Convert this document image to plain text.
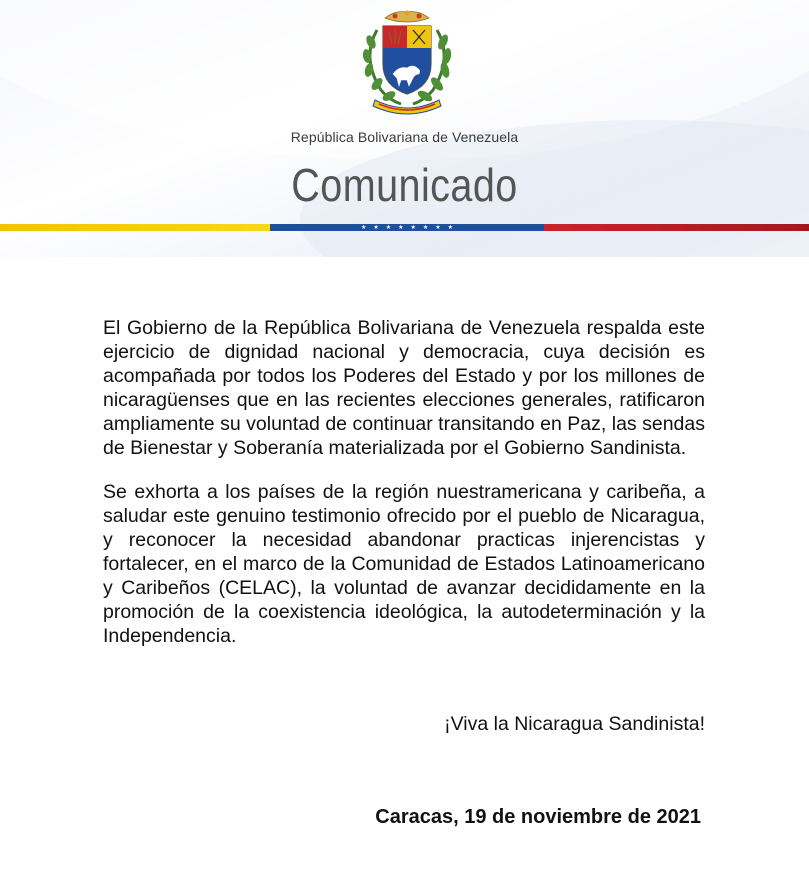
República Bolivariana de Venezuela
Comunicado
★ ★ ★ ★ ★ ★ ★ ★

El Gobierno de la República Bolivariana de Venezuela respalda este ejercicio de dignidad nacional y democracia, cuya decisión es acompañada por todos los Poderes del Estado y por los millones de nicaragüenses que en las recientes elecciones generales, ratificaron ampliamente su voluntad de continuar transitando en Paz, las sendas de Bienestar y Soberanía materializada por el Gobierno Sandinista.

Se exhorta a los países de la región nuestramericana y caribeña, a saludar este genuino testimonio ofrecido por el pueblo de Nicaragua, y reconocer la necesidad abandonar practicas injerencistas y fortalecer, en el marco de la Comunidad de Estados Latinoamericano y Caribeños (CELAC), la voluntad de avanzar decididamente en la promoción de la coexistencia ideológica, la autodeterminación y la Independencia.

¡Viva la Nicaragua Sandinista!
Caracas, 19 de noviembre de 2021
